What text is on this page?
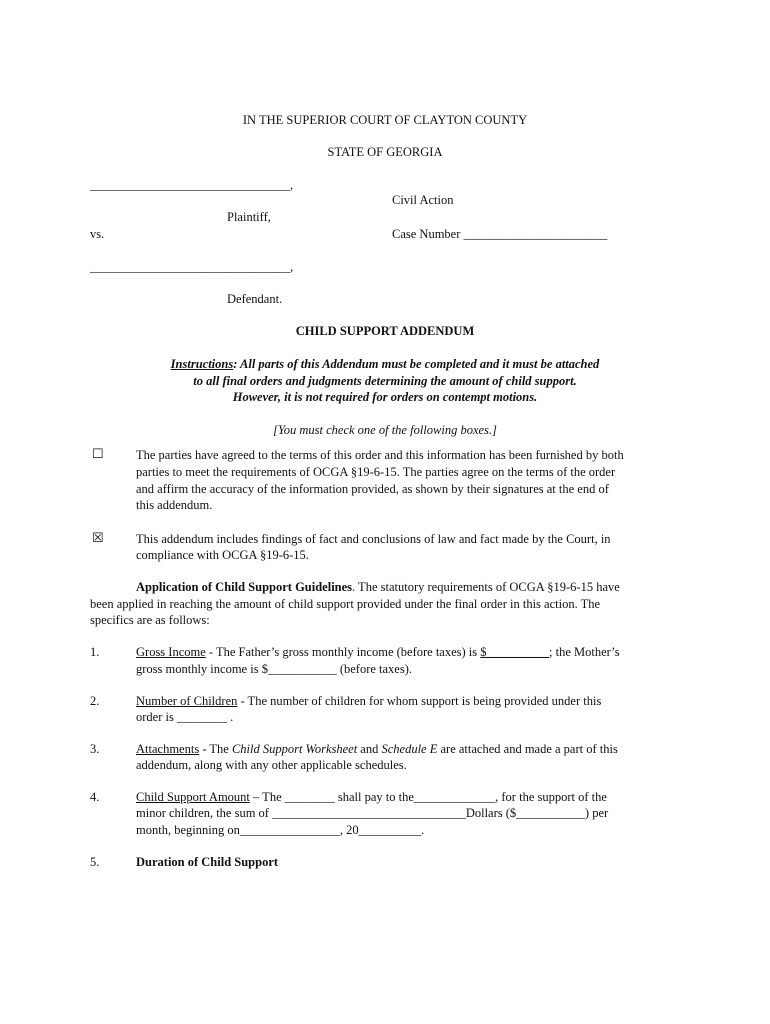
IN THE SUPERIOR COURT OF CLAYTON COUNTY
STATE OF GEORGIA
________________________________,
Civil Action
Plaintiff,
vs.	Case Number _______________________
________________________________,
Defendant.
CHILD SUPPORT ADDENDUM
Instructions: All parts of this Addendum must be completed and it must be attached
to all final orders and judgments determining the amount of child support.
However, it is not required for orders on contempt motions.
[You must check one of the following boxes.]
☐	The parties have agreed to the terms of this order and this information has been furnished by both
parties to meet the requirements of OCGA §19-6-15. The parties agree on the terms of the order
and affirm the accuracy of the information provided, as shown by their signatures at the end of
this addendum.
☒	This addendum includes findings of fact and conclusions of law and fact made by the Court, in
compliance with OCGA §19-6-15.
Application of Child Support Guidelines. The statutory requirements of OCGA §19-6-15 have
been applied in reaching the amount of child support provided under the final order in this action. The
specifics are as follows:
1.	Gross Income - The Father’s gross monthly income (before taxes) is $__________; the Mother’s
gross monthly income is $___________ (before taxes).
2.	Number of Children - The number of children for whom support is being provided under this
order is ________ .
3.	Attachments - The Child Support Worksheet and Schedule E are attached and made a part of this
addendum, along with any other applicable schedules.
4.	Child Support Amount – The ________ shall pay to the_____________, for the support of the
minor children, the sum of _______________________________Dollars ($___________) per
month, beginning on________________, 20__________.
5.	Duration of Child Support
